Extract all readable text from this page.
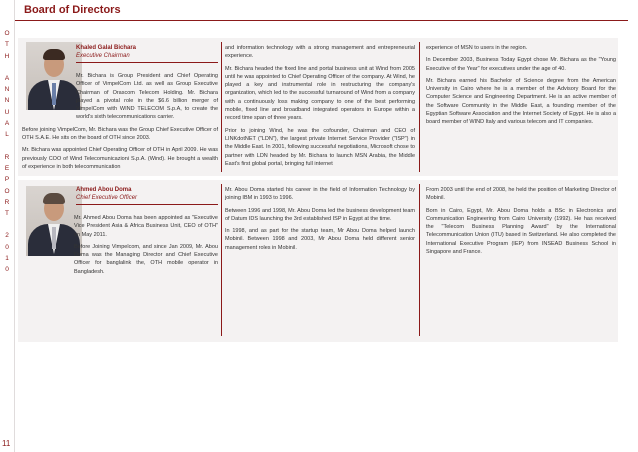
O
T
H
A
N
N
U
A
L
R
E
P
O
R
T
2
0
1
0
11
Board of Directors
Khaled Galal Bichara
Executive Chairman

Mr. Bichara is Group President and Chief Operating Officer of VimpelCom Ltd. as well as Group Executive Chairman of Orascom Telecom Holding. Mr. Bichara played a pivotal role in the $6.6 billion merger of VimpelCom with WIND TELECOM S.p.A, to create the world's sixth telecommunications carrier.

Before joining VimpelCom, Mr. Bichara was the Group Chief Executive Officer of OTH S.A.E. He sits on the board of OTH since 2003.

Mr. Bichara was appointed Chief Operating Officer of OTH in April 2009. He was previously COO of Wind Telecomunicazioni S.p.A. (Wind). He brought a wealth of experience in both telecommunication

and information technology with a strong management and entrepreneurial experience.

Mr. Bichara headed the fixed line and portal business unit at Wind from 2005 until he was appointed to Chief Operating Officer of the company. At Wind, he played a key and instrumental role in restructuring the company's organization, which led to the successful turnaround of Wind from a company with a continuously loss making company to one of the best performing mobile, fixed line and broadband integrated operators in Europe within a record time span of three years.

Prior to joining Wind, he was the cofounder, Chairman and CEO of LINKdotNET ("LDN"), the largest private Internet Service Provider ("ISP") in the Middle East. In 2001, following successful negotiations, Microsoft chose to partner with LDN headed by Mr. Bichara to launch MSN Arabia, the Middle East's first global portal, bringing full internet

experience of MSN to users in the region.

In December 2003, Business Today Egypt chose Mr. Bichara as the "Young Executive of the Year" for executives under the age of 40.

Mr. Bichara earned his Bachelor of Science degree from the American University in Cairo where he is a member of the Advisory Board for the Computer Science and Engineering Department. He is an active member of the Software Community in the Middle East, a founding member of the Egyptian Software Association and the Internet Society of Egypt. He is also a board member of WIND Italy and various telecom and IT companies.

Ahmed Abou Doma
Chief Executive Officer

Mr. Ahmed Abou Doma has been appointed as "Executive Vice President Asia & Africa Business Unit, CEO of OTH" on May 2011.

Before Joining Vimpelcom, and since Jan 2009, Mr. Abou Doma was the Managing Director and Chief Executive Officer for banglalink the, OTH mobile operator in Bangladesh.

Mr. Abou Doma started his career in the field of Information Technology by joining IBM in 1993 to 1996.

Between 1996 and 1998, Mr. Abou Doma led the business development team of Datum IDS launching the 3rd established ISP in Egypt at the time.

In 1998, and as part for the startup team, Mr Abou Doma helped launch Mobinil. Between 1998 and 2003, Mr Abou Doma held different senior management roles in Mobinil.

From 2003 until the end of 2008, he held the position of Marketing Director of Mobinil.

Born in Cairo, Egypt, Mr. Abou Doma holds a BSc in Electronics and Communication Engineering from Cairo University (1992). He has received the "Telecom Business Planning Award" by the International Telecommunication Union (ITU) based in Switzerland. He also completed the International Executive Program (IEP) from INSEAD Business School in Singapore and France.
